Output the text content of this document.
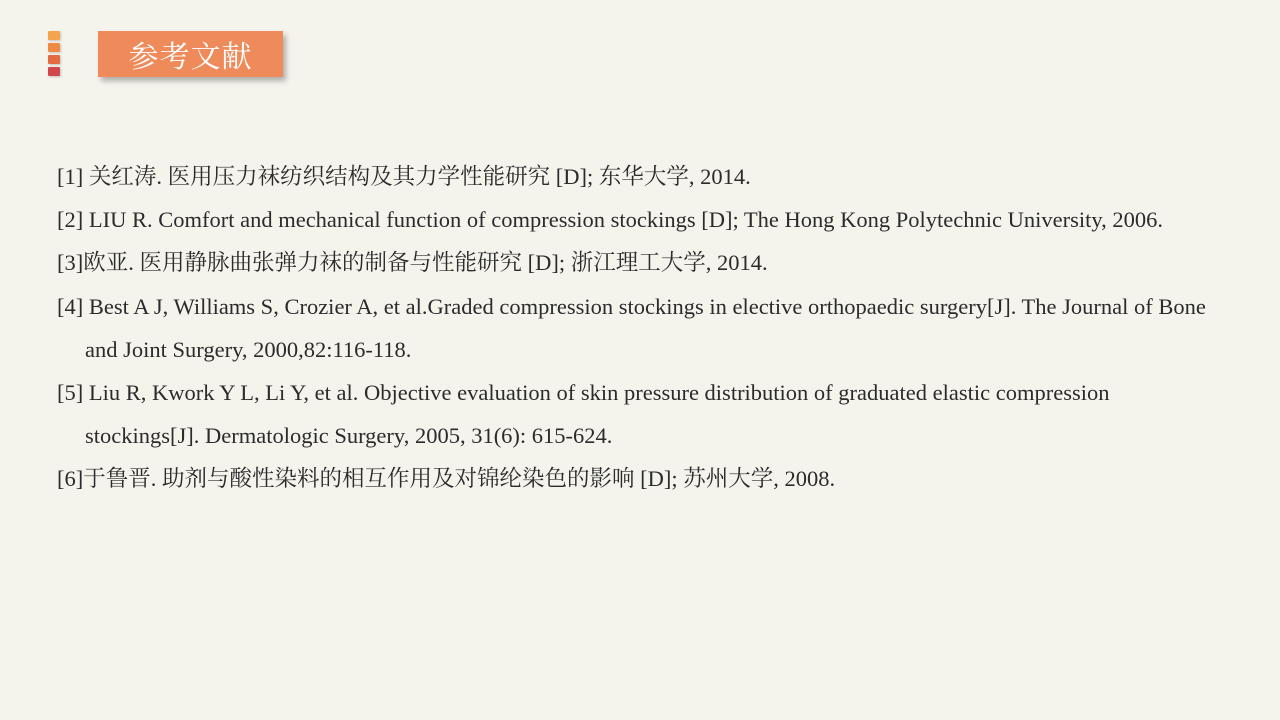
参考文献

[1] 关红涛. 医用压力袜纺织结构及其力学性能研究 [D]; 东华大学, 2014.

[2] LIU R. Comfort and mechanical function of compression stockings [D]; The Hong Kong Polytechnic University, 2006.

[3]欧亚. 医用静脉曲张弹力袜的制备与性能研究 [D]; 浙江理工大学, 2014.

[4] Best A J, Williams S, Crozier A, et al.Graded compression stockings in elective orthopaedic surgery[J]. The Journal of Bone and Joint Surgery, 2000,82:116-118.

[5] Liu R, Kwork Y L, Li Y, et al. Objective evaluation of skin pressure distribution of graduated elastic compression stockings[J]. Dermatologic Surgery, 2005, 31(6): 615-624.

[6]于鲁晋. 助剂与酸性染料的相互作用及对锦纶染色的影响 [D]; 苏州大学, 2008.
